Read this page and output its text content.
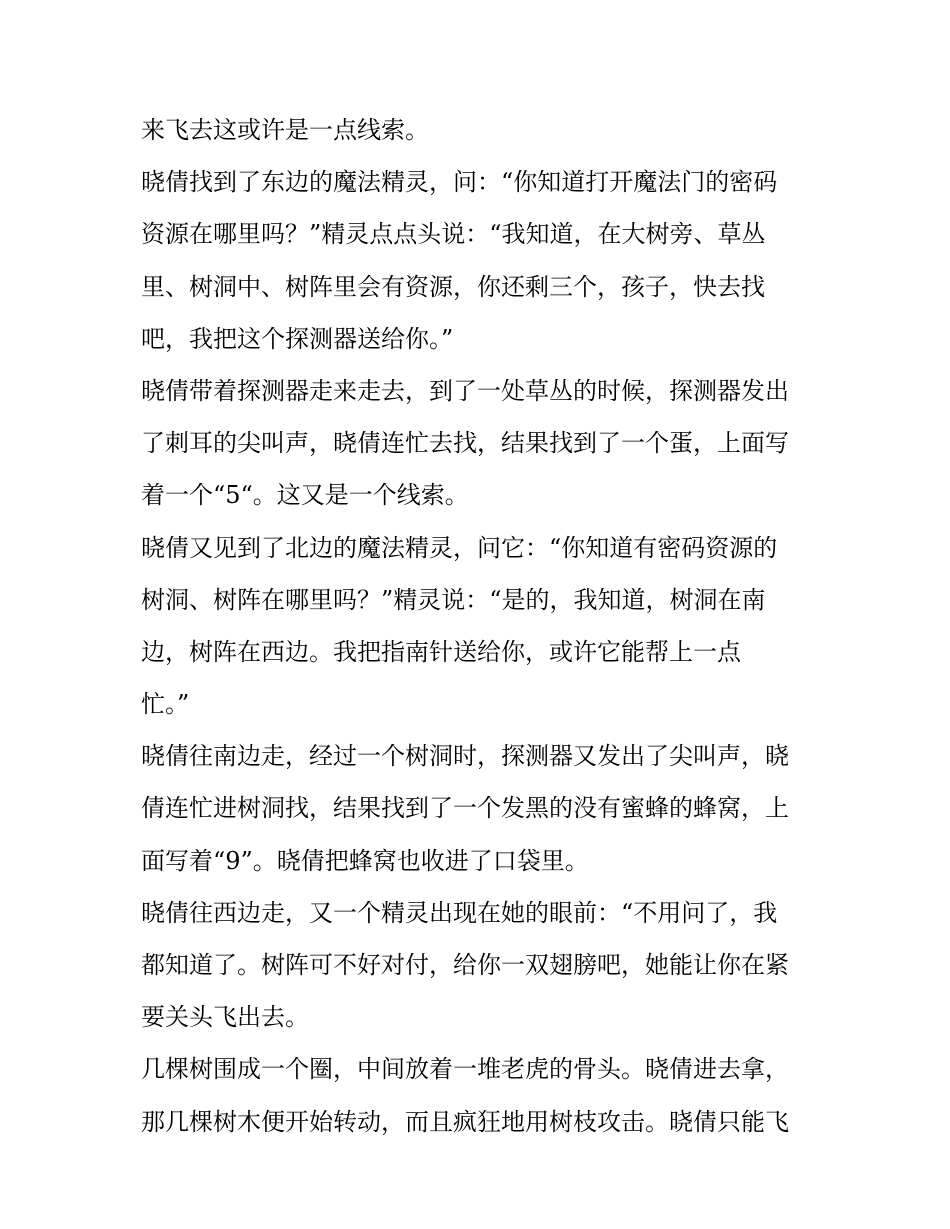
来飞去这或许是一点线索。
晓倩找到了东边的魔法精灵，问：“你知道打开魔法门的密码
资源在哪里吗？”精灵点点头说：“我知道，在大树旁、草丛
里、树洞中、树阵里会有资源，你还剩三个，孩子，快去找
吧，我把这个探测器送给你。”
晓倩带着探测器走来走去，到了一处草丛的时候，探测器发出
了刺耳的尖叫声，晓倩连忙去找，结果找到了一个蛋，上面写
着一个“5“。这又是一个线索。
晓倩又见到了北边的魔法精灵，问它：“你知道有密码资源的
树洞、树阵在哪里吗？”精灵说：“是的，我知道，树洞在南
边，树阵在西边。我把指南针送给你，或许它能帮上一点
忙。”
晓倩往南边走，经过一个树洞时，探测器又发出了尖叫声，晓
倩连忙进树洞找，结果找到了一个发黑的没有蜜蜂的蜂窝，上
面写着“9”。晓倩把蜂窝也收进了口袋里。
晓倩往西边走，又一个精灵出现在她的眼前：“不用问了，我
都知道了。树阵可不好对付，给你一双翅膀吧，她能让你在紧
要关头飞出去。
几棵树围成一个圈，中间放着一堆老虎的骨头。晓倩进去拿，
那几棵树木便开始转动，而且疯狂地用树枝攻击。晓倩只能飞
